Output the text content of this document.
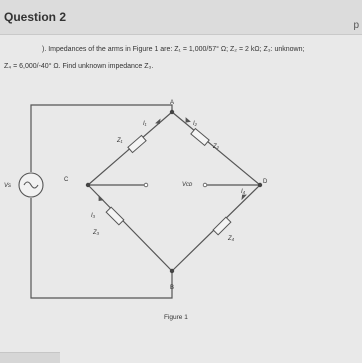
Question 2
p
). Impedances of the arms in Figure 1 are: Z₁ = 1,000/57° Ω; Z₂ = 2 kΩ; Z₃: unknown;
Z₄ = 6,000/-40° Ω. Find unknown impedance Z₃.
A
B
C	D
I₁	I₂
I₃
I₄
Z₁
Z₂
Z₃
Z₄
Vs	Vᴄᴅ
Figure 1
